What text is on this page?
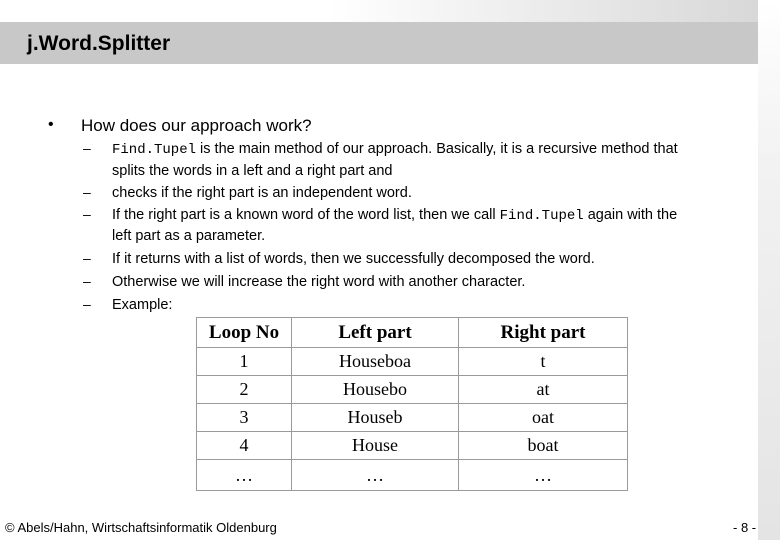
j.Word.Splitter
• How does our approach work?
–
–
–
–
–
–
Find.Tupel is the main method of our approach. Basically, it is a recursive method that
splits the words in a left and a right part and
checks if the right part is an independent word.
If the right part is a known word of the word list, then we call Find.Tupel again with the
left part as a parameter.
If it returns with a list of words, then we successfully decomposed the word.
Otherwise we will increase the right word with another character.
Example:
Loop No	Left part	Right part
1	Houseboa	t
2	Housebo	at
3	Houseb	oat
4	House	boat
…	…	…
© Abels/Hahn, Wirtschaftsinformatik Oldenburg	- 8 -
